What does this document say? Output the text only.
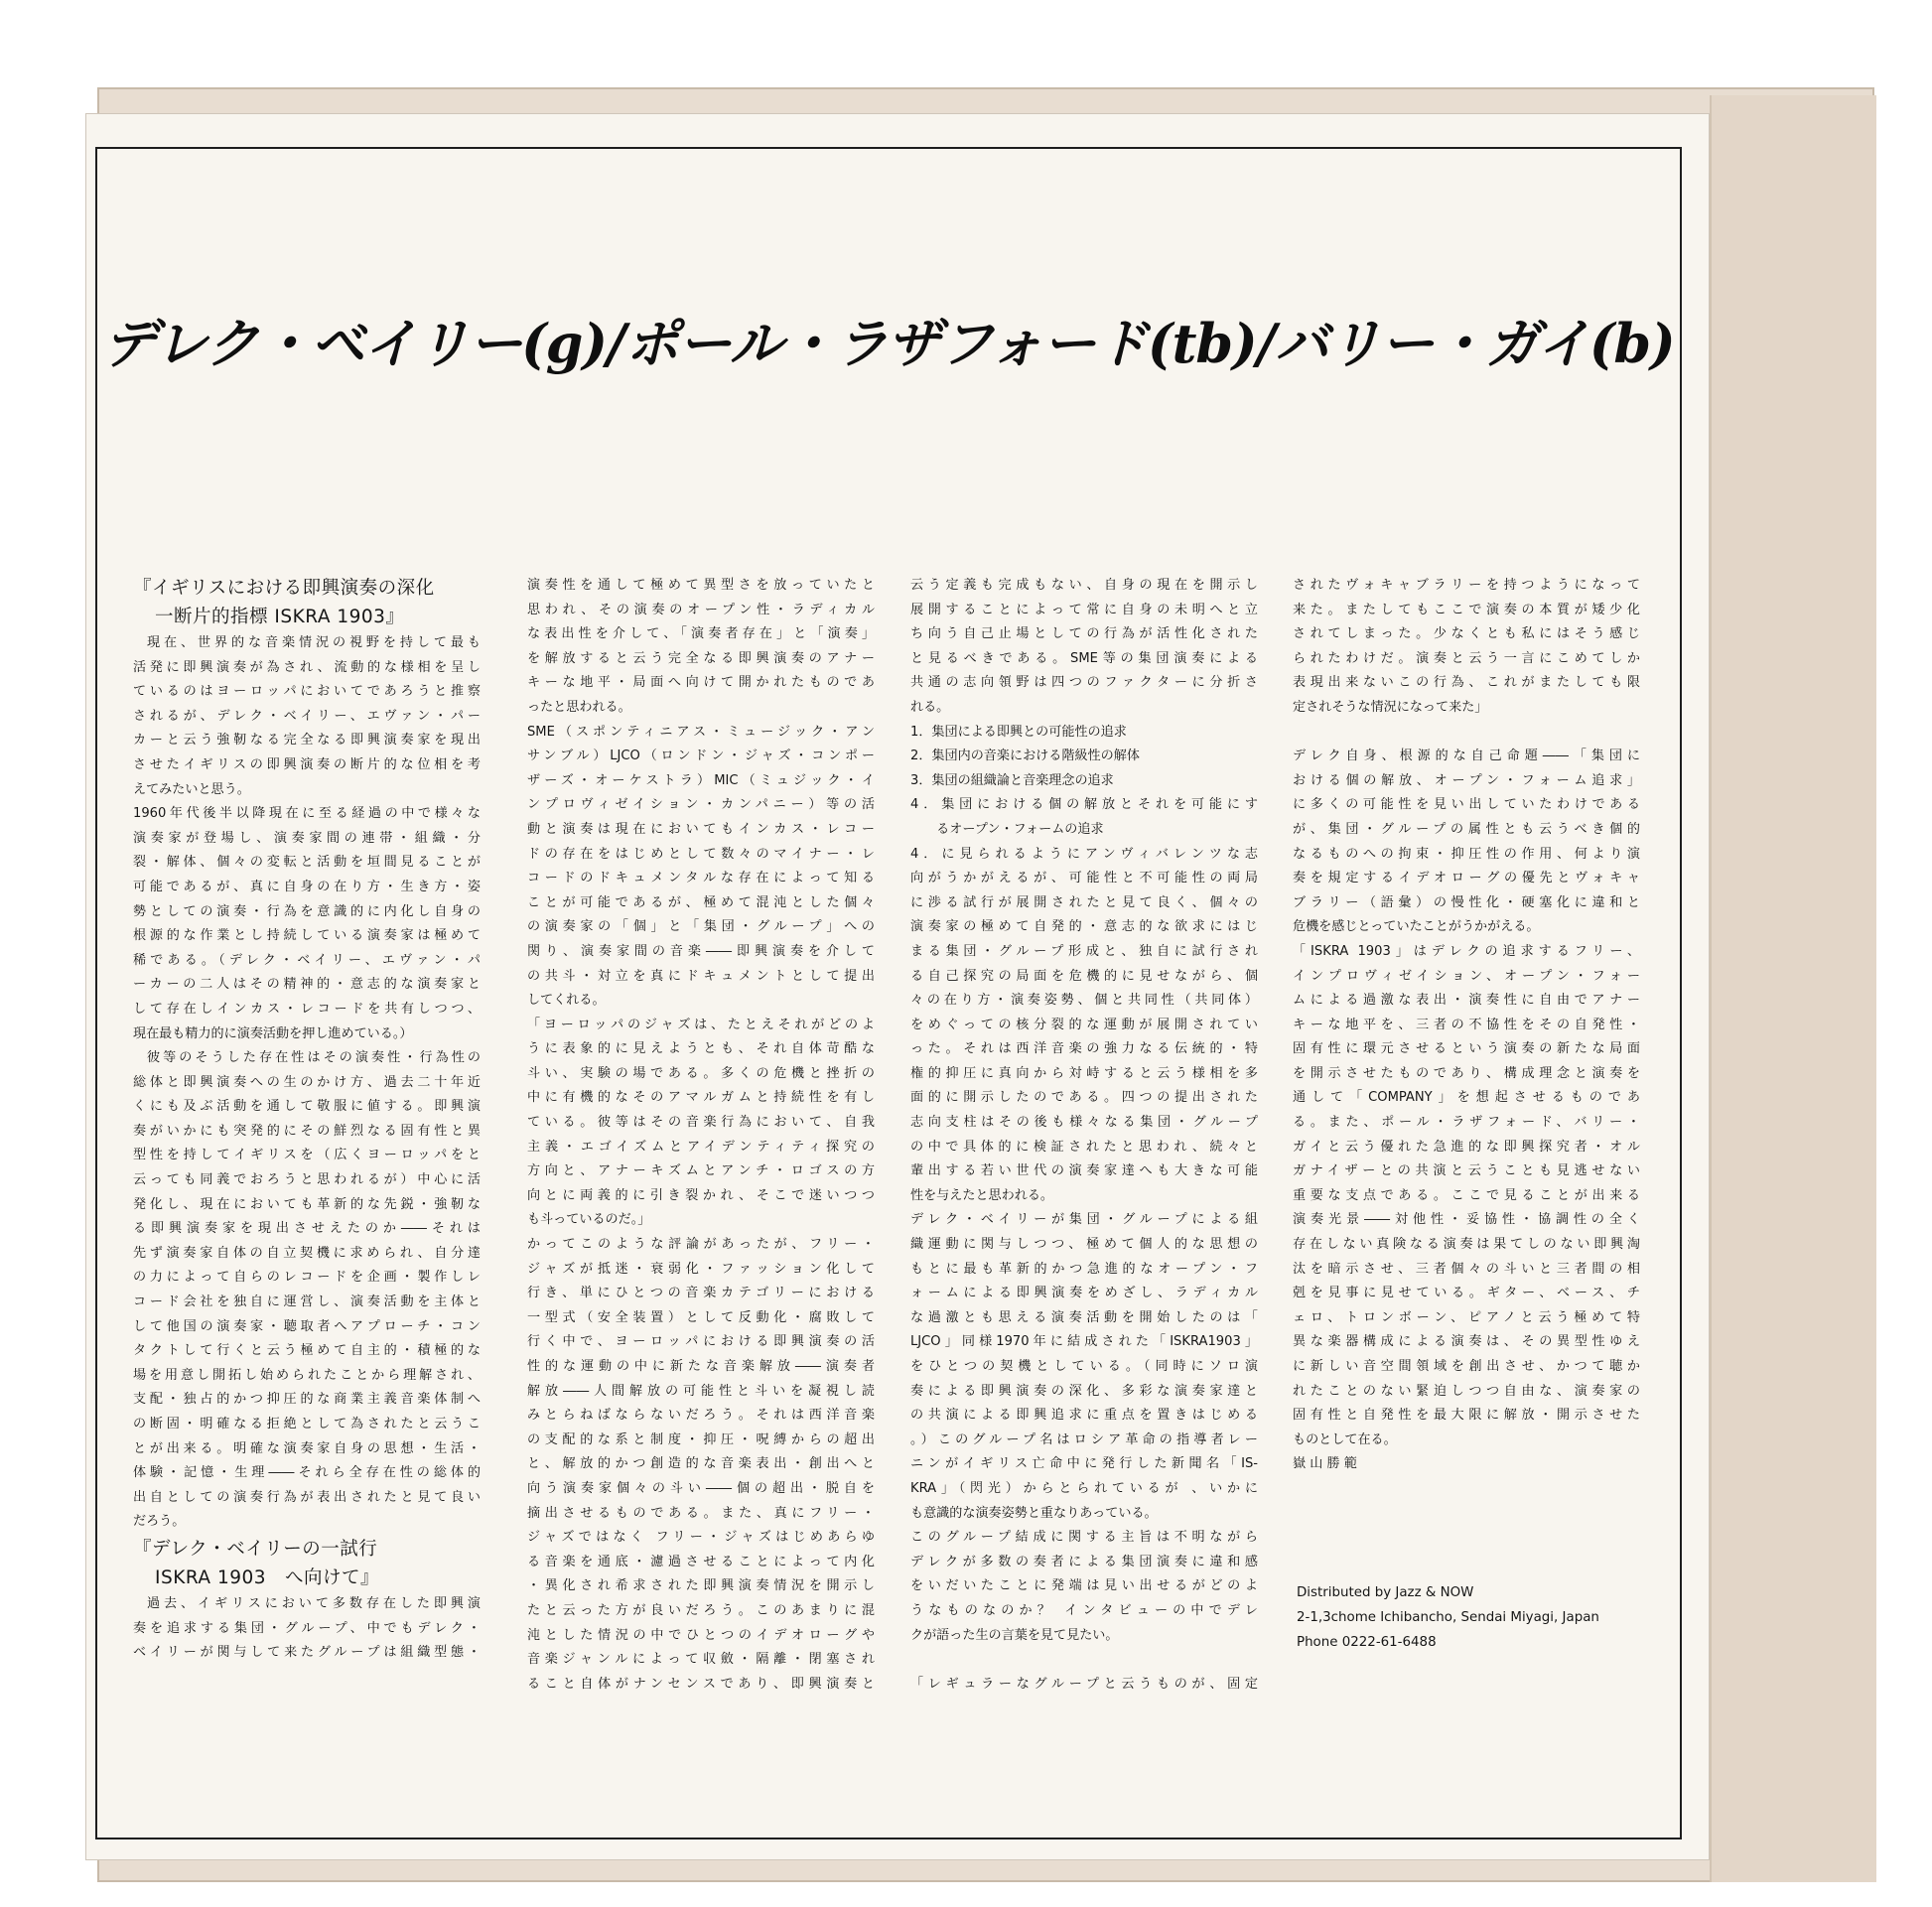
デレク・ベイリー(g)/ポール・ラザフォード(tb)/バリー・ガイ(b)
『イギリスにおける即興演奏の深化
一断片的指標 ISKRA 1903』

現在、世界的な音楽情況の視野を持して最も

活発に即興演奏が為され、流動的な様相を呈し

ているのはヨーロッパにおいてであろうと推察

されるが、デレク・ベイリー、エヴァン・パー

カーと云う強靭なる完全なる即興演奏家を現出

させたイギリスの即興演奏の断片的な位相を考

えてみたいと思う。

1960年代後半以降現在に至る経過の中で様々な

演奏家が登場し、演奏家間の連帯・組織・分

裂・解体、個々の変転と活動を垣間見ることが

可能であるが、真に自身の在り方・生き方・姿

勢としての演奏・行為を意識的に内化し自身の

根源的な作業とし持続している演奏家は極めて

稀である。（デレク・ベイリー、エヴァン・パ

ーカーの二人はその精神的・意志的な演奏家と

して存在しインカス・レコードを共有しつつ、

現在最も精力的に演奏活動を押し進めている。）

彼等のそうした存在性はその演奏性・行為性の

総体と即興演奏への生のかけ方、過去二十年近

くにも及ぶ活動を通して敬服に値する。即興演

奏がいかにも突発的にその鮮烈なる固有性と異

型性を持してイギリスを（広くヨーロッパをと

云っても同義でおろうと思われるが）中心に活

発化し、現在においても革新的な先鋭・強靭な

る即興演奏家を現出させえたのか――それは

先ず演奏家自体の自立契機に求められ、自分達

の力によって自らのレコードを企画・製作しレ

コード会社を独自に運営し、演奏活動を主体と

して他国の演奏家・聴取者へアプローチ・コン

タクトして行くと云う極めて自主的・積極的な

場を用意し開拓し始められたことから理解され、

支配・独占的かつ抑圧的な商業主義音楽体制へ

の断固・明確なる拒絶として為されたと云うこ

とが出来る。明確な演奏家自身の思想・生活・

体験・記憶・生理――それら全存在性の総体的

出自としての演奏行為が表出されたと見て良い

だろう。

『デレク・ベイリーの一試行
ISKRA 1903　へ向けて』

過去、イギリスにおいて多数存在した即興演

奏を追求する集団・グループ、中でもデレク・

ベイリーが関与して来たグループは組織型態・

演奏性を通して極めて異型さを放っていたと

思われ、その演奏のオープン性・ラディカル

な表出性を介して、「演奏者存在」と「演奏」

を解放すると云う完全なる即興演奏のアナー

キーな地平・局面へ向けて開かれたものであ

ったと思われる。

SME（スポンティニアス・ミュージック・アン

サンブル）LJCO（ロンドン・ジャズ・コンポー

ザーズ・オーケストラ）MIC（ミュジック・イ

ンプロヴィゼイション・カンパニー）等の活

動と演奏は現在においてもインカス・レコー

ドの存在をはじめとして数々のマイナー・レ

コードのドキュメンタルな存在によって知る

ことが可能であるが、極めて混沌とした個々

の演奏家の「個」と「集団・グループ」への

関り、演奏家間の音楽――即興演奏を介して

の共斗・対立を真にドキュメントとして提出

してくれる。

「ヨーロッパのジャズは、たとえそれがどのよ

うに表象的に見えようとも、それ自体苛酷な

斗い、実験の場である。多くの危機と挫折の

中に有機的なそのアマルガムと持続性を有し

ている。彼等はその音楽行為において、自我

主義・エゴイズムとアイデンティティ探究の

方向と、アナーキズムとアンチ・ロゴスの方

向とに両義的に引き裂かれ、そこで迷いつつ

も斗っているのだ。」

かってこのような評論があったが、フリー・

ジャズが抵迷・衰弱化・ファッション化して

行き、単にひとつの音楽カテゴリーにおける

一型式（安全装置）として反動化・腐敗して

行く中で、ヨーロッパにおける即興演奏の活

性的な運動の中に新たな音楽解放――演奏者

解放――人間解放の可能性と斗いを凝視し読

みとらねばならないだろう。それは西洋音楽

の支配的な系と制度・抑圧・呪縛からの超出

と、解放的かつ創造的な音楽表出・創出へと

向う演奏家個々の斗い――個の超出・脱自を

摘出させるものである。また、真にフリー・

ジャズではなく フリー・ジャズはじめあらゆ

る音楽を通底・濾過させることによって内化

・異化され希求された即興演奏情況を開示し

たと云った方が良いだろう。このあまりに混

沌とした情況の中でひとつのイデオローグや

音楽ジャンルによって収斂・隔離・閉塞され

ること自体がナンセンスであり、即興演奏と

云う定義も完成もない、自身の現在を開示し

展開することによって常に自身の未明へと立

ち向う自己止場としての行為が活性化された

と見るべきである。SME等の集団演奏による

共通の志向領野は四つのファクターに分折さ

れる。

1．集団による即興との可能性の追求

2．集団内の音楽における階級性の解体

3．集団の組織論と音楽理念の追求

4．集団における個の解放とそれを可能にす

　　るオープン・フォームの追求

4．に見られるようにアンヴィバレンツな志

向がうかがえるが、可能性と不可能性の両局

に渉る試行が展開されたと見て良く、個々の

演奏家の極めて自発的・意志的な欲求にはじ

まる集団・グループ形成と、独自に試行され

る自己探究の局面を危機的に見せながら、個

々の在り方・演奏姿勢、個と共同性（共同体）

をめぐっての核分裂的な運動が展開されてい

った。それは西洋音楽の強力なる伝統的・特

権的抑圧に真向から対峙すると云う様相を多

面的に開示したのである。四つの提出された

志向支柱はその後も様々なる集団・グループ

の中で具体的に検証されたと思われ、続々と

輩出する若い世代の演奏家達へも大きな可能

性を与えたと思われる。

デレク・ベイリーが集団・グループによる組

織運動に関与しつつ、極めて個人的な思想の

もとに最も革新的かつ急進的なオープン・フ

ォームによる即興演奏をめざし、ラディカル

な過激とも思える演奏活動を開始したのは「

LJCO」同様1970年に結成された「ISKRA1903」

をひとつの契機としている。（同時にソロ演

奏による即興演奏の深化、多彩な演奏家達と

の共演による即興追求に重点を置きはじめる

。）このグループ名はロシア革命の指導者レー

ニンがイギリス亡命中に発行した新聞名「IS-

KRA」（閃光）からとられているが 、いかに

も意識的な演奏姿勢と重なりあっている。

このグループ結成に関する主旨は不明ながら

デレクが多数の奏者による集団演奏に違和感

をいだいたことに発端は見い出せるがどのよ

うなものなのか？ インタビューの中でデレ

クが語った生の言葉を見て見たい。

「レギュラーなグループと云うものが、固定

されたヴォキャブラリーを持つようになって

来た。またしてもここで演奏の本質が矮少化

されてしまった。少なくとも私にはそう感じ

られたわけだ。演奏と云う一言にこめてしか

表現出来ないこの行為、これがまたしても限

定されそうな情況になって来た」

デレク自身、根源的な自己命題――「集団に

おける個の解放、オープン・フォーム追求」

に多くの可能性を見い出していたわけである

が、集団・グループの属性とも云うべき個的

なるものへの拘束・抑圧性の作用、何より演

奏を規定するイデオローグの優先とヴォキャ

ブラリー（語彙）の慢性化・硬塞化に違和と

危機を感じとっていたことがうかがえる。

「ISKRA 1903」はデレクの追求するフリー、

インプロヴィゼイション、オープン・フォー

ムによる過激な表出・演奏性に自由でアナー

キーな地平を、三者の不協性をその自発性・

固有性に環元させるという演奏の新たな局面

を開示させたものであり、構成理念と演奏を

通して「COMPANY」を想起させるものであ

る。また、ポール・ラザフォード、バリー・

ガイと云う優れた急進的な即興探究者・オル

ガナイザーとの共演と云うことも見逃せない

重要な支点である。ここで見ることが出来る

演奏光景――対他性・妥協性・協調性の全く

存在しない真険なる演奏は果てしのない即興淘

汰を暗示させ、三者個々の斗いと三者間の相

剋を見事に見せている。ギター、ベース、チ

ェロ、トロンボーン、ピアノと云う極めて特

異な楽器構成による演奏は、その異型性ゆえ

に新しい音空間領域を創出させ、かつて聴か

れたことのない緊迫しつつ自由な、演奏家の

固有性と自発性を最大限に解放・開示させた

ものとして在る。

嶽 山 勝 範

Distributed by Jazz & NOW
2-1,3chome Ichibancho, Sendai Miyagi, Japan
Phone 0222-61-6488
